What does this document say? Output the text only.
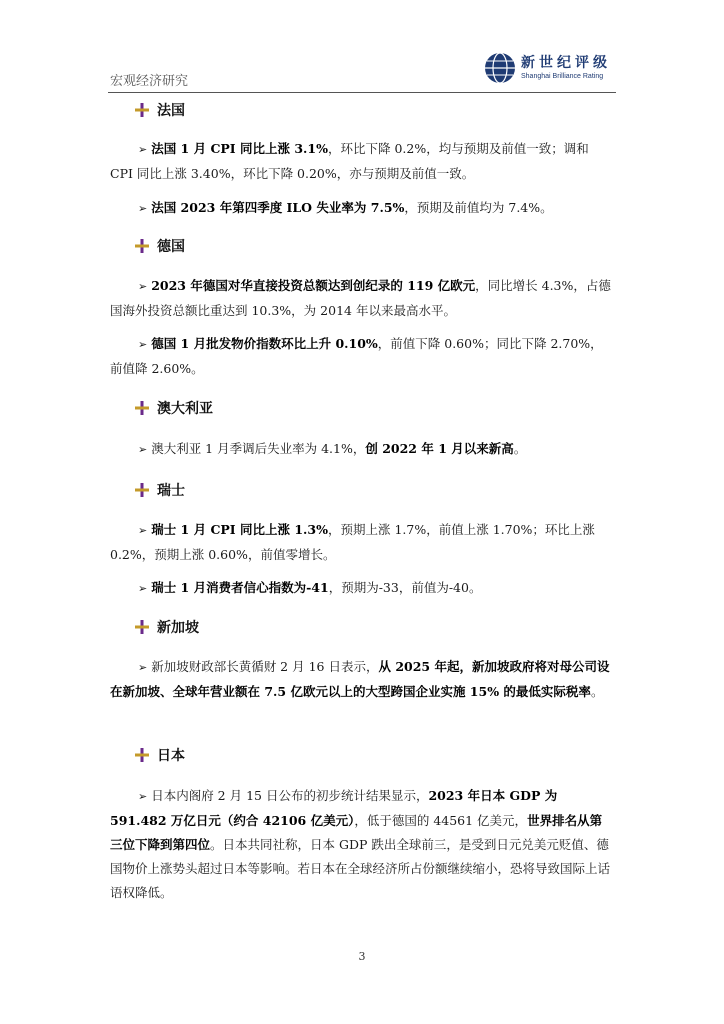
宏观经济研究
新世纪评级
Shanghai Brilliance Rating
法国
➢ 法国 1 月 CPI 同比上涨 3.1%，环比下降 0.2%，均与预期及前值一致；调和 CPI 同比上涨 3.40%，环比下降 0.20%，亦与预期及前值一致。
➢ 法国 2023 年第四季度 ILO 失业率为 7.5%，预期及前值均为 7.4%。
德国
➢ 2023 年德国对华直接投资总额达到创纪录的 119 亿欧元，同比增长 4.3%，占德国海外投资总额比重达到 10.3%，为 2014 年以来最高水平。
➢ 德国 1 月批发物价指数环比上升 0.10%，前值下降 0.60%；同比下降 2.70%，前值降 2.60%。
澳大利亚
➢ 澳大利亚 1 月季调后失业率为 4.1%，创 2022 年 1 月以来新高。
瑞士
➢ 瑞士 1 月 CPI 同比上涨 1.3%，预期上涨 1.7%，前值上涨 1.70%；环比上涨 0.2%，预期上涨 0.60%，前值零增长。
➢ 瑞士 1 月消费者信心指数为-41，预期为-33，前值为-40。
新加坡
➢ 新加坡财政部长黄循财 2 月 16 日表示，从 2025 年起，新加坡政府将对母公司设在新加坡、全球年营业额在 7.5 亿欧元以上的大型跨国企业实施 15% 的最低实际税率。
日本
➢ 日本内阁府 2 月 15 日公布的初步统计结果显示，2023 年日本 GDP 为 591.482 万亿日元（约合 42106 亿美元），低于德国的 44561 亿美元，世界排名从第三位下降到第四位。日本共同社称，日本 GDP 跌出全球前三，是受到日元兑美元贬值、德国物价上涨势头超过日本等影响。若日本在全球经济所占份额继续缩小，恐将导致国际上话语权降低。
3
